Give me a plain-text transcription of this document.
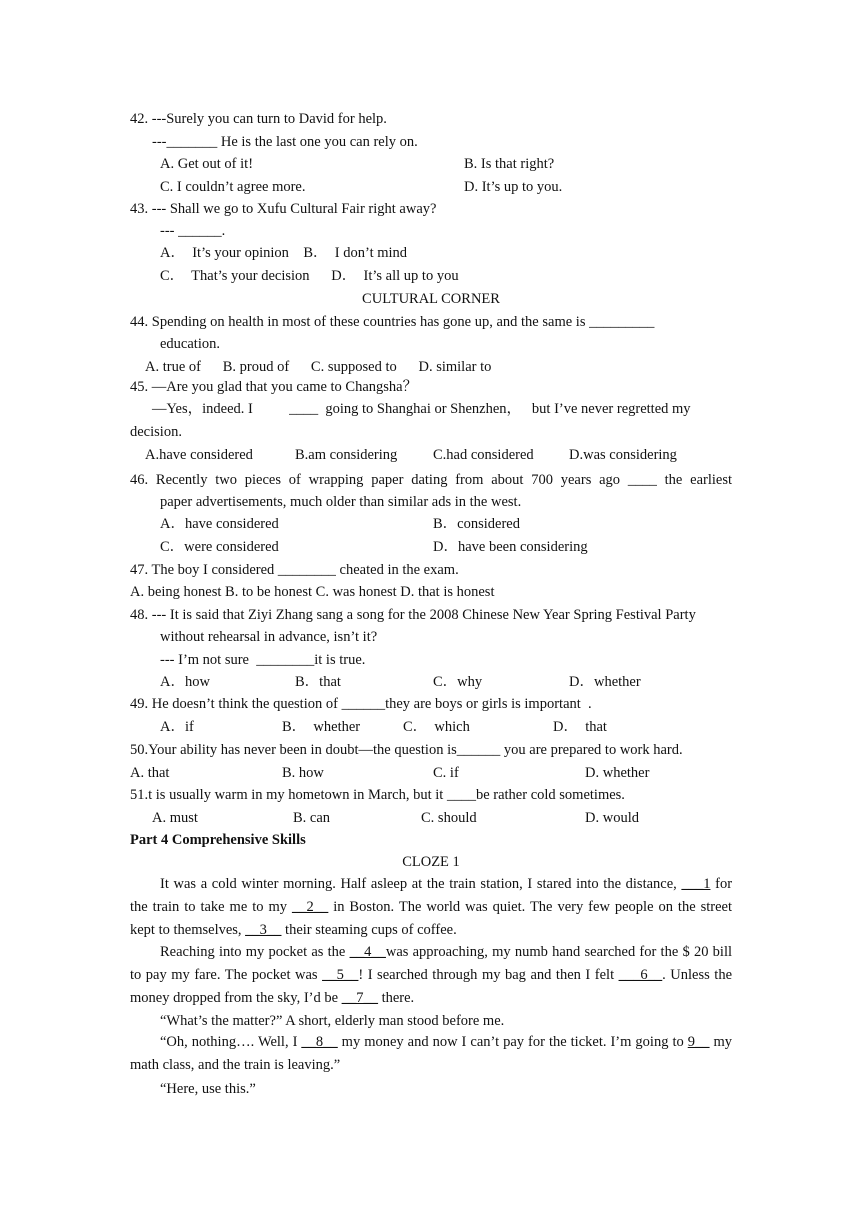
42. ---Surely you can turn to David for help.
---_______ He is the last one you can rely on.
A. Get out of it!	B. Is that right?
C. I couldn’t agree more.	D. It’s up to you.
43. --- Shall we go to Xufu Cultural Fair right away?
--- ______.
A．  It’s your opinion    B．  I don’t mind
C．  That’s your decision      D．  It’s all up to you
CULTURAL CORNER
44. Spending on health in most of these countries has gone up, and the same is _________
education.
A. true of      B. proud of      C. supposed to      D. similar to
45. —Are you glad that you came to Changsha？
—Yes，indeed. I          ____  going to Shanghai or Shenzhen，   but I’ve never regretted my
decision.
A.have considered	B.am considering C.had considered D.was considering
46. Recently two pieces of wrapping paper dating from about 700 years ago ____ the earliest
paper advertisements, much older than similar ads in the west.
A．have considered	B．considered
C．were considered	D．have been considering
47. The boy I considered ________ cheated in the exam.
A. being honest B. to be honest C. was honest D. that is honest
48. --- It is said that Ziyi Zhang sang a song for the 2008 Chinese New Year Spring Festival Party
without rehearsal in advance, isn’t it?
--- I’m not sure  ________it is true.
A．how	B．that	C．why	D．whether
49. He doesn’t think the question of ______they are boys or girls is important  .
A．if	B．  whether	C．  which	D．  that
50.Your ability has never been in doubt—the question is______ you are prepared to work hard.
A. that	B. how	C. if	D. whether
51.t is usually warm in my hometown in March, but it ____be rather cold sometimes.
A. must	B. can	C. should	D. would
Part 4 Comprehensive Skills
CLOZE 1
It was a cold winter morning. Half asleep at the train station, I stared into the distance, ___1 for the train to take me to my __2__ in Boston. The world was quiet. The very few people on the street kept to themselves, __3__ their steaming cups of coffee.
Reaching into my pocket as the __4__was approaching, my numb hand searched for the $ 20 bill to pay my fare. The pocket was __5__! I searched through my bag and then I felt ___6__. Unless the money dropped from the sky, I’d be __7__ there.
“What’s the matter?” A short, elderly man stood before me.
“Oh, nothing…. Well, I __8__ my money and now I can’t pay for the ticket. I’m going to 9__ my math class, and the train is leaving.”
“Here, use this.”
